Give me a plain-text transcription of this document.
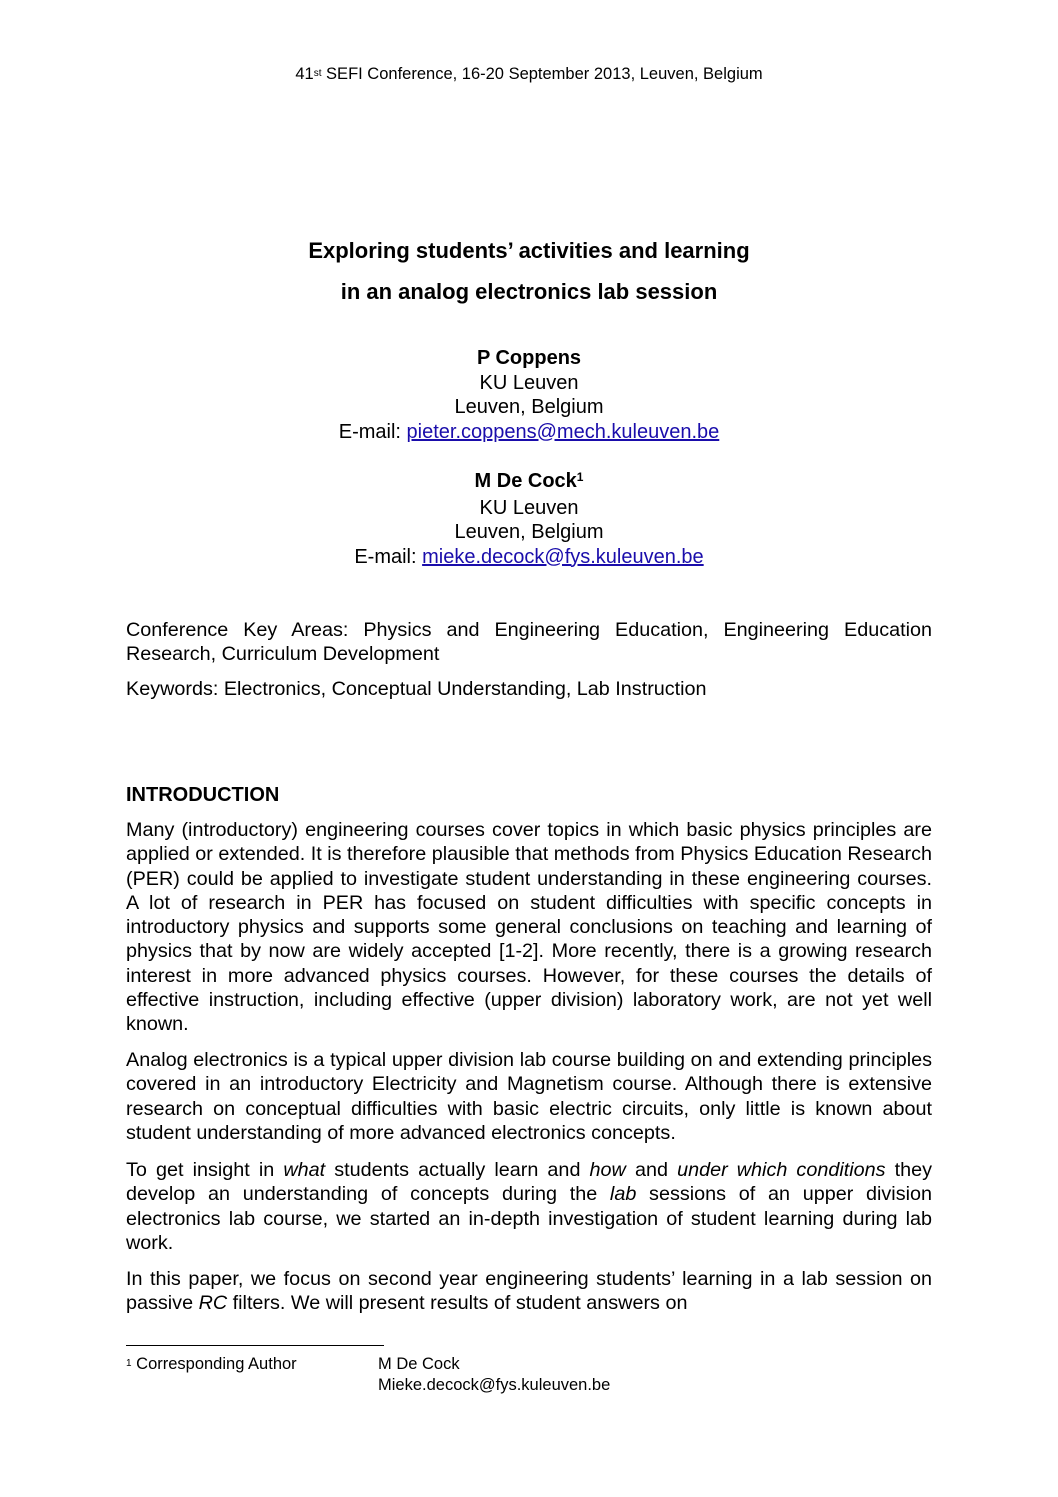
41st SEFI Conference, 16-20 September 2013, Leuven, Belgium
Exploring students’ activities and learning
in an analog electronics lab session
P Coppens
KU Leuven
Leuven, Belgium
E-mail: pieter.coppens@mech.kuleuven.be
M De Cock$^1$
KU Leuven
Leuven, Belgium
E-mail: mieke.decock@fys.kuleuven.be
Conference Key Areas: Physics and Engineering Education, Engineering Education Research, Curriculum Development
Keywords: Electronics, Conceptual Understanding, Lab Instruction
INTRODUCTION

Many (introductory) engineering courses cover topics in which basic physics principles are applied or extended. It is therefore plausible that methods from Physics Education Research (PER) could be applied to investigate student understanding in these engineering courses. A lot of research in PER has focused on student difficulties with specific concepts in introductory physics and supports some general conclusions on teaching and learning of physics that by now are widely accepted [1-2]. More recently, there is a growing research interest in more advanced physics courses. However, for these courses the details of effective instruction, including effective (upper division) laboratory work, are not yet well known.

Analog electronics is a typical upper division lab course building on and extending principles covered in an introductory Electricity and Magnetism course. Although there is extensive research on conceptual difficulties with basic electric circuits, only little is known about student understanding of more advanced electronics concepts.

To get insight in what students actually learn and how and under which conditions they develop an understanding of concepts during the lab sessions of an upper division electronics lab course, we started an in-depth investigation of student learning during lab work.

In this paper, we focus on second year engineering students’ learning in a lab session on passive RC filters. We will present results of student answers on

$^1$ Corresponding Author	M De Cock
Mieke.decock@fys.kuleuven.be
